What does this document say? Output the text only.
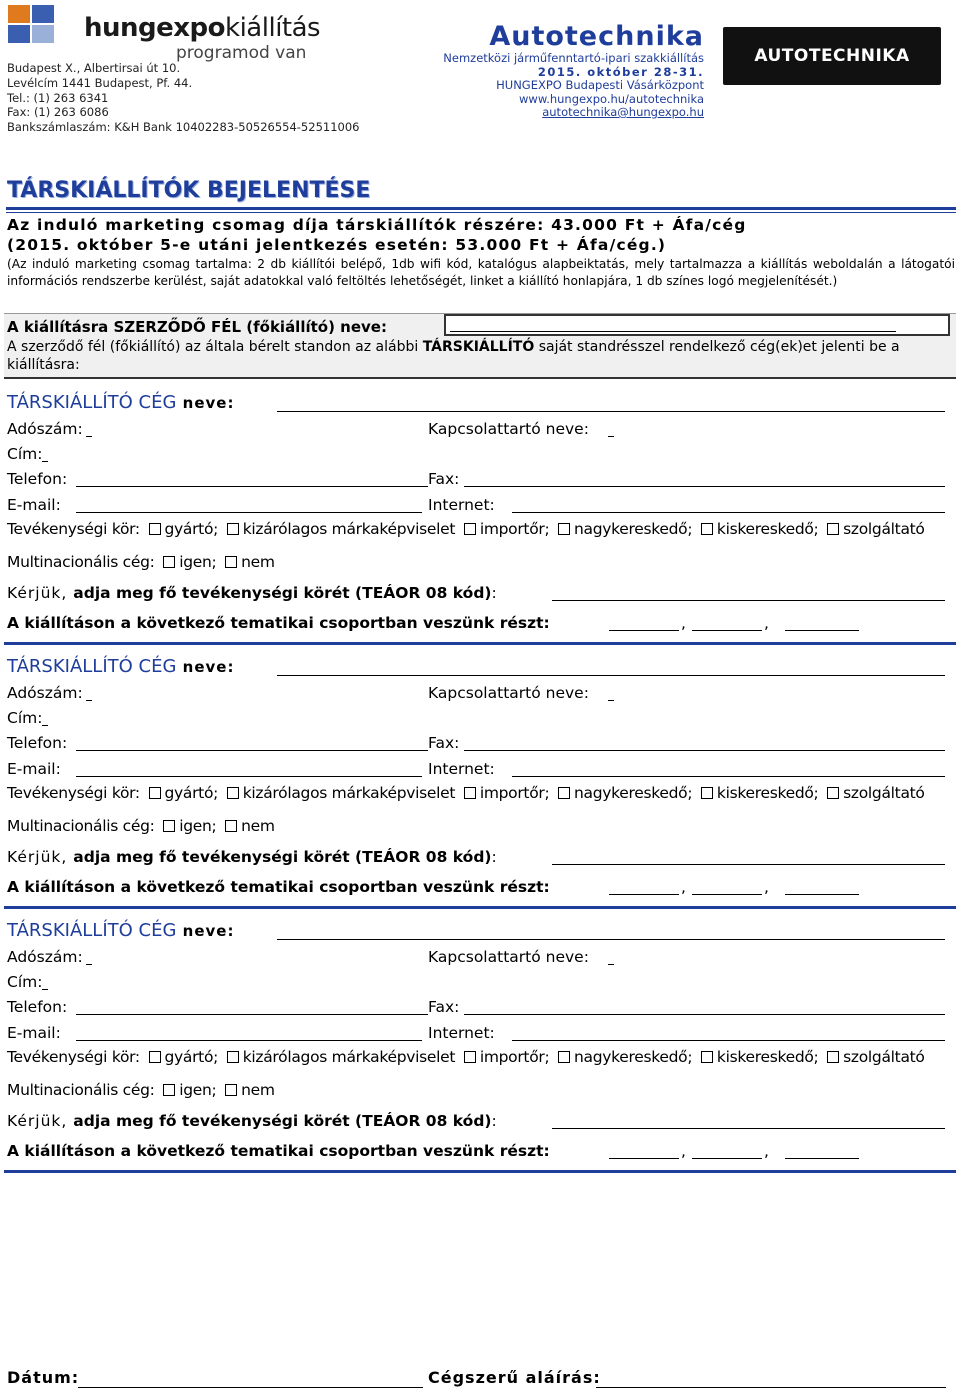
hungexpokiállítás
programod van
Budapest X., Albertirsai út 10.
Levélcím 1441 Budapest, Pf. 44.
Tel.: (1) 263 6341
Fax: (1) 263 6086
Bankszámlaszám: K&H Bank 10402283-50526554-52511006
Autotechnika
Nemzetközi járműfenntartó-ipari szakkiállítás
2015. október 28-31.
HUNGEXPO Budapesti Vásárközpont
www.hungexpo.hu/autotechnika
autotechnika@hungexpo.hu
AUTOTECHNIKA
TÁRSKIÁLLÍTÓK BEJELENTÉSE
Az induló marketing csomag díja társkiállítók részére: 43.000 Ft + Áfa/cég
(2015. október 5-e utáni jelentkezés esetén: 53.000 Ft + Áfa/cég.)
(Az induló marketing csomag tartalma: 2 db kiállítói belépő, 1db wifi kód, katalógus alapbeiktatás, mely tartalmazza a kiállítás weboldalán a látogatói információs rendszerbe kerülést, saját adatokkal való feltöltés lehetőségét, linket a kiállító honlapjára, 1 db színes logó megjelenítését.)
A kiállításra SZERZŐDŐ FÉL (főkiállító) neve:
A szerződő fél (főkiállító) az általa bérelt standon az alábbi TÁRSKIÁLLÍTÓ saját standrésszel rendelkező cég(ek)et jelenti be a kiállításra:
TÁRSKIÁLLÍTÓ CÉG neve:
Adószám:	Kapcsolattartó neve:
Cím:
Telefon:	Fax:
E-mail:	Internet:
Tevékenységi kör: gyártó; kizárólagos márkaképviselet importőr; nagykereskedő; kiskereskedő; szolgáltató
Multinacionális cég: igen; nem
Kérjük, adja meg fő tevékenységi körét (TEÁOR 08 kód):
A kiállításon a következő tematikai csoportban veszünk részt:	,	,
TÁRSKIÁLLÍTÓ CÉG neve:
Adószám:	Kapcsolattartó neve:
Cím:
Telefon:	Fax:
E-mail:	Internet:
Tevékenységi kör: gyártó; kizárólagos márkaképviselet importőr; nagykereskedő; kiskereskedő; szolgáltató
Multinacionális cég: igen; nem
Kérjük, adja meg fő tevékenységi körét (TEÁOR 08 kód):
A kiállításon a következő tematikai csoportban veszünk részt:	,	,
TÁRSKIÁLLÍTÓ CÉG neve:
Adószám:	Kapcsolattartó neve:
Cím:
Telefon:	Fax:
E-mail:	Internet:
Tevékenységi kör: gyártó; kizárólagos márkaképviselet importőr; nagykereskedő; kiskereskedő; szolgáltató
Multinacionális cég: igen; nem
Kérjük, adja meg fő tevékenységi körét (TEÁOR 08 kód):
A kiállításon a következő tematikai csoportban veszünk részt:	,	,
Dátum:	Cégszerű aláírás:
